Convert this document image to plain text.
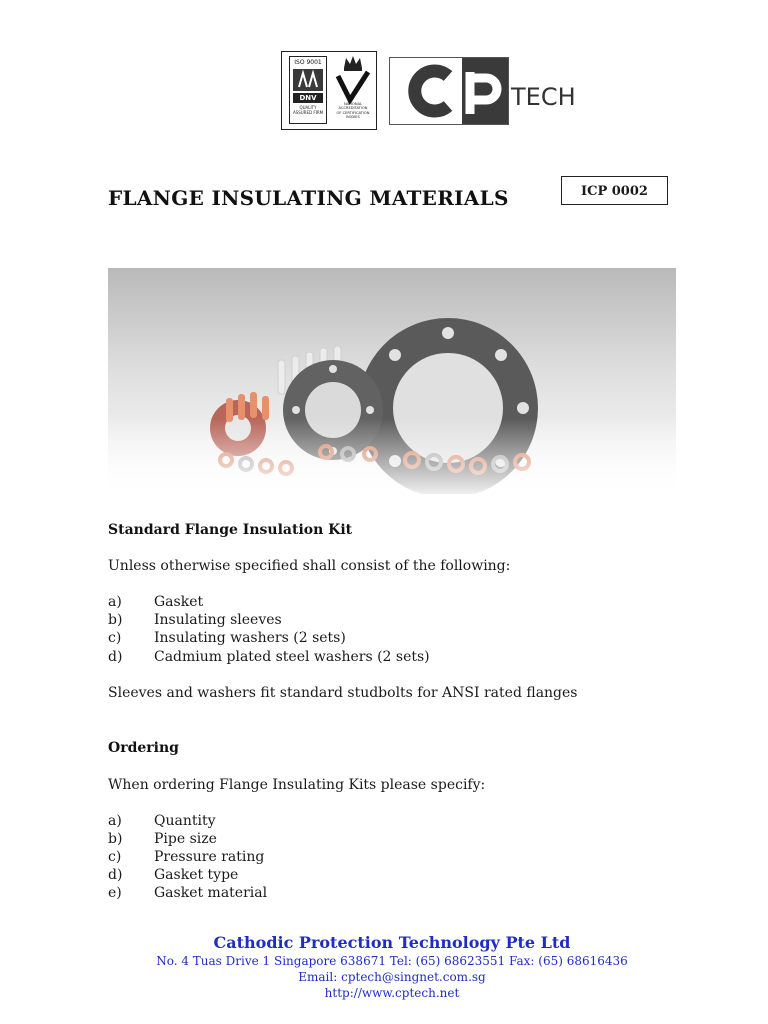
ISO 9001
DNV
QUALITY ASSURED FIRM
NATIONAL ACCREDITATION OF CERTIFICATION BODIES
TECH
FLANGE INSULATING MATERIALS	ICP 0002
Standard Flange Insulation Kit
Unless otherwise specified shall consist of the following:
a) Gasket
b) Insulating sleeves
c) Insulating washers (2 sets)
d) Cadmium plated steel washers (2 sets)
Sleeves and washers fit standard studbolts for ANSI rated flanges
Ordering
When ordering Flange Insulating Kits please specify:
a) Quantity
b) Pipe size
c) Pressure rating
d) Gasket type
e) Gasket material
Cathodic Protection Technology Pte Ltd
No. 4 Tuas Drive 1 Singapore 638671 Tel: (65) 68623551 Fax: (65) 68616436
Email: cptech@singnet.com.sg
http://www.cptech.net
